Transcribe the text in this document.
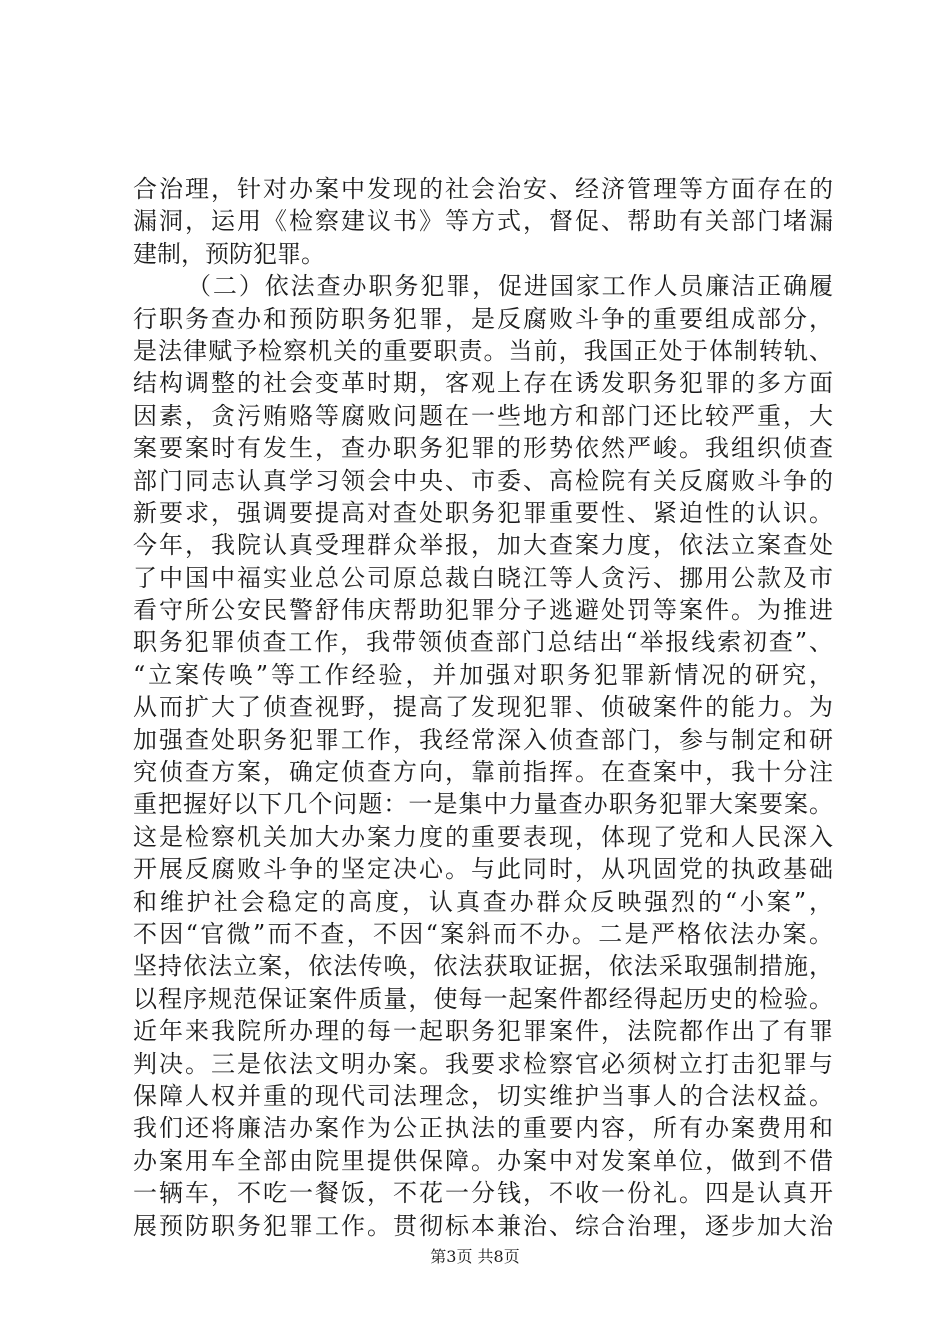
合治理，针对办案中发现的社会治安、经济管理等方面存在的
漏洞，运用《检察建议书》等方式，督促、帮助有关部门堵漏
建制，预防犯罪。
（二）依法查办职务犯罪，促进国家工作人员廉洁正确履
行职务查办和预防职务犯罪，是反腐败斗争的重要组成部分，
是法律赋予检察机关的重要职责。当前，我国正处于体制转轨、
结构调整的社会变革时期，客观上存在诱发职务犯罪的多方面
因素，贪污贿赂等腐败问题在一些地方和部门还比较严重，大
案要案时有发生，查办职务犯罪的形势依然严峻。我组织侦查
部门同志认真学习领会中央、市委、高检院有关反腐败斗争的
新要求，强调要提高对查处职务犯罪重要性、紧迫性的认识。
今年，我院认真受理群众举报，加大查案力度，依法立案查处
了中国中福实业总公司原总裁白晓江等人贪污、挪用公款及市
看守所公安民警舒伟庆帮助犯罪分子逃避处罚等案件。为推进
职务犯罪侦查工作，我带领侦查部门总结出“举报线索初查”、
“立案传唤”等工作经验，并加强对职务犯罪新情况的研究，
从而扩大了侦查视野，提高了发现犯罪、侦破案件的能力。为
加强查处职务犯罪工作，我经常深入侦查部门，参与制定和研
究侦查方案，确定侦查方向，靠前指挥。在查案中，我十分注
重把握好以下几个问题：一是集中力量查办职务犯罪大案要案。
这是检察机关加大办案力度的重要表现，体现了党和人民深入
开展反腐败斗争的坚定决心。与此同时，从巩固党的执政基础
和维护社会稳定的高度，认真查办群众反映强烈的“小案”，
不因“官微”而不查，不因“案斜而不办。二是严格依法办案。
坚持依法立案，依法传唤，依法获取证据，依法采取强制措施，
以程序规范保证案件质量，使每一起案件都经得起历史的检验。
近年来我院所办理的每一起职务犯罪案件，法院都作出了有罪
判决。三是依法文明办案。我要求检察官必须树立打击犯罪与
保障人权并重的现代司法理念，切实维护当事人的合法权益。
我们还将廉洁办案作为公正执法的重要内容，所有办案费用和
办案用车全部由院里提供保障。办案中对发案单位，做到不借
一辆车，不吃一餐饭，不花一分钱，不收一份礼。四是认真开
展预防职务犯罪工作。贯彻标本兼治、综合治理，逐步加大治
第3页 共8页
